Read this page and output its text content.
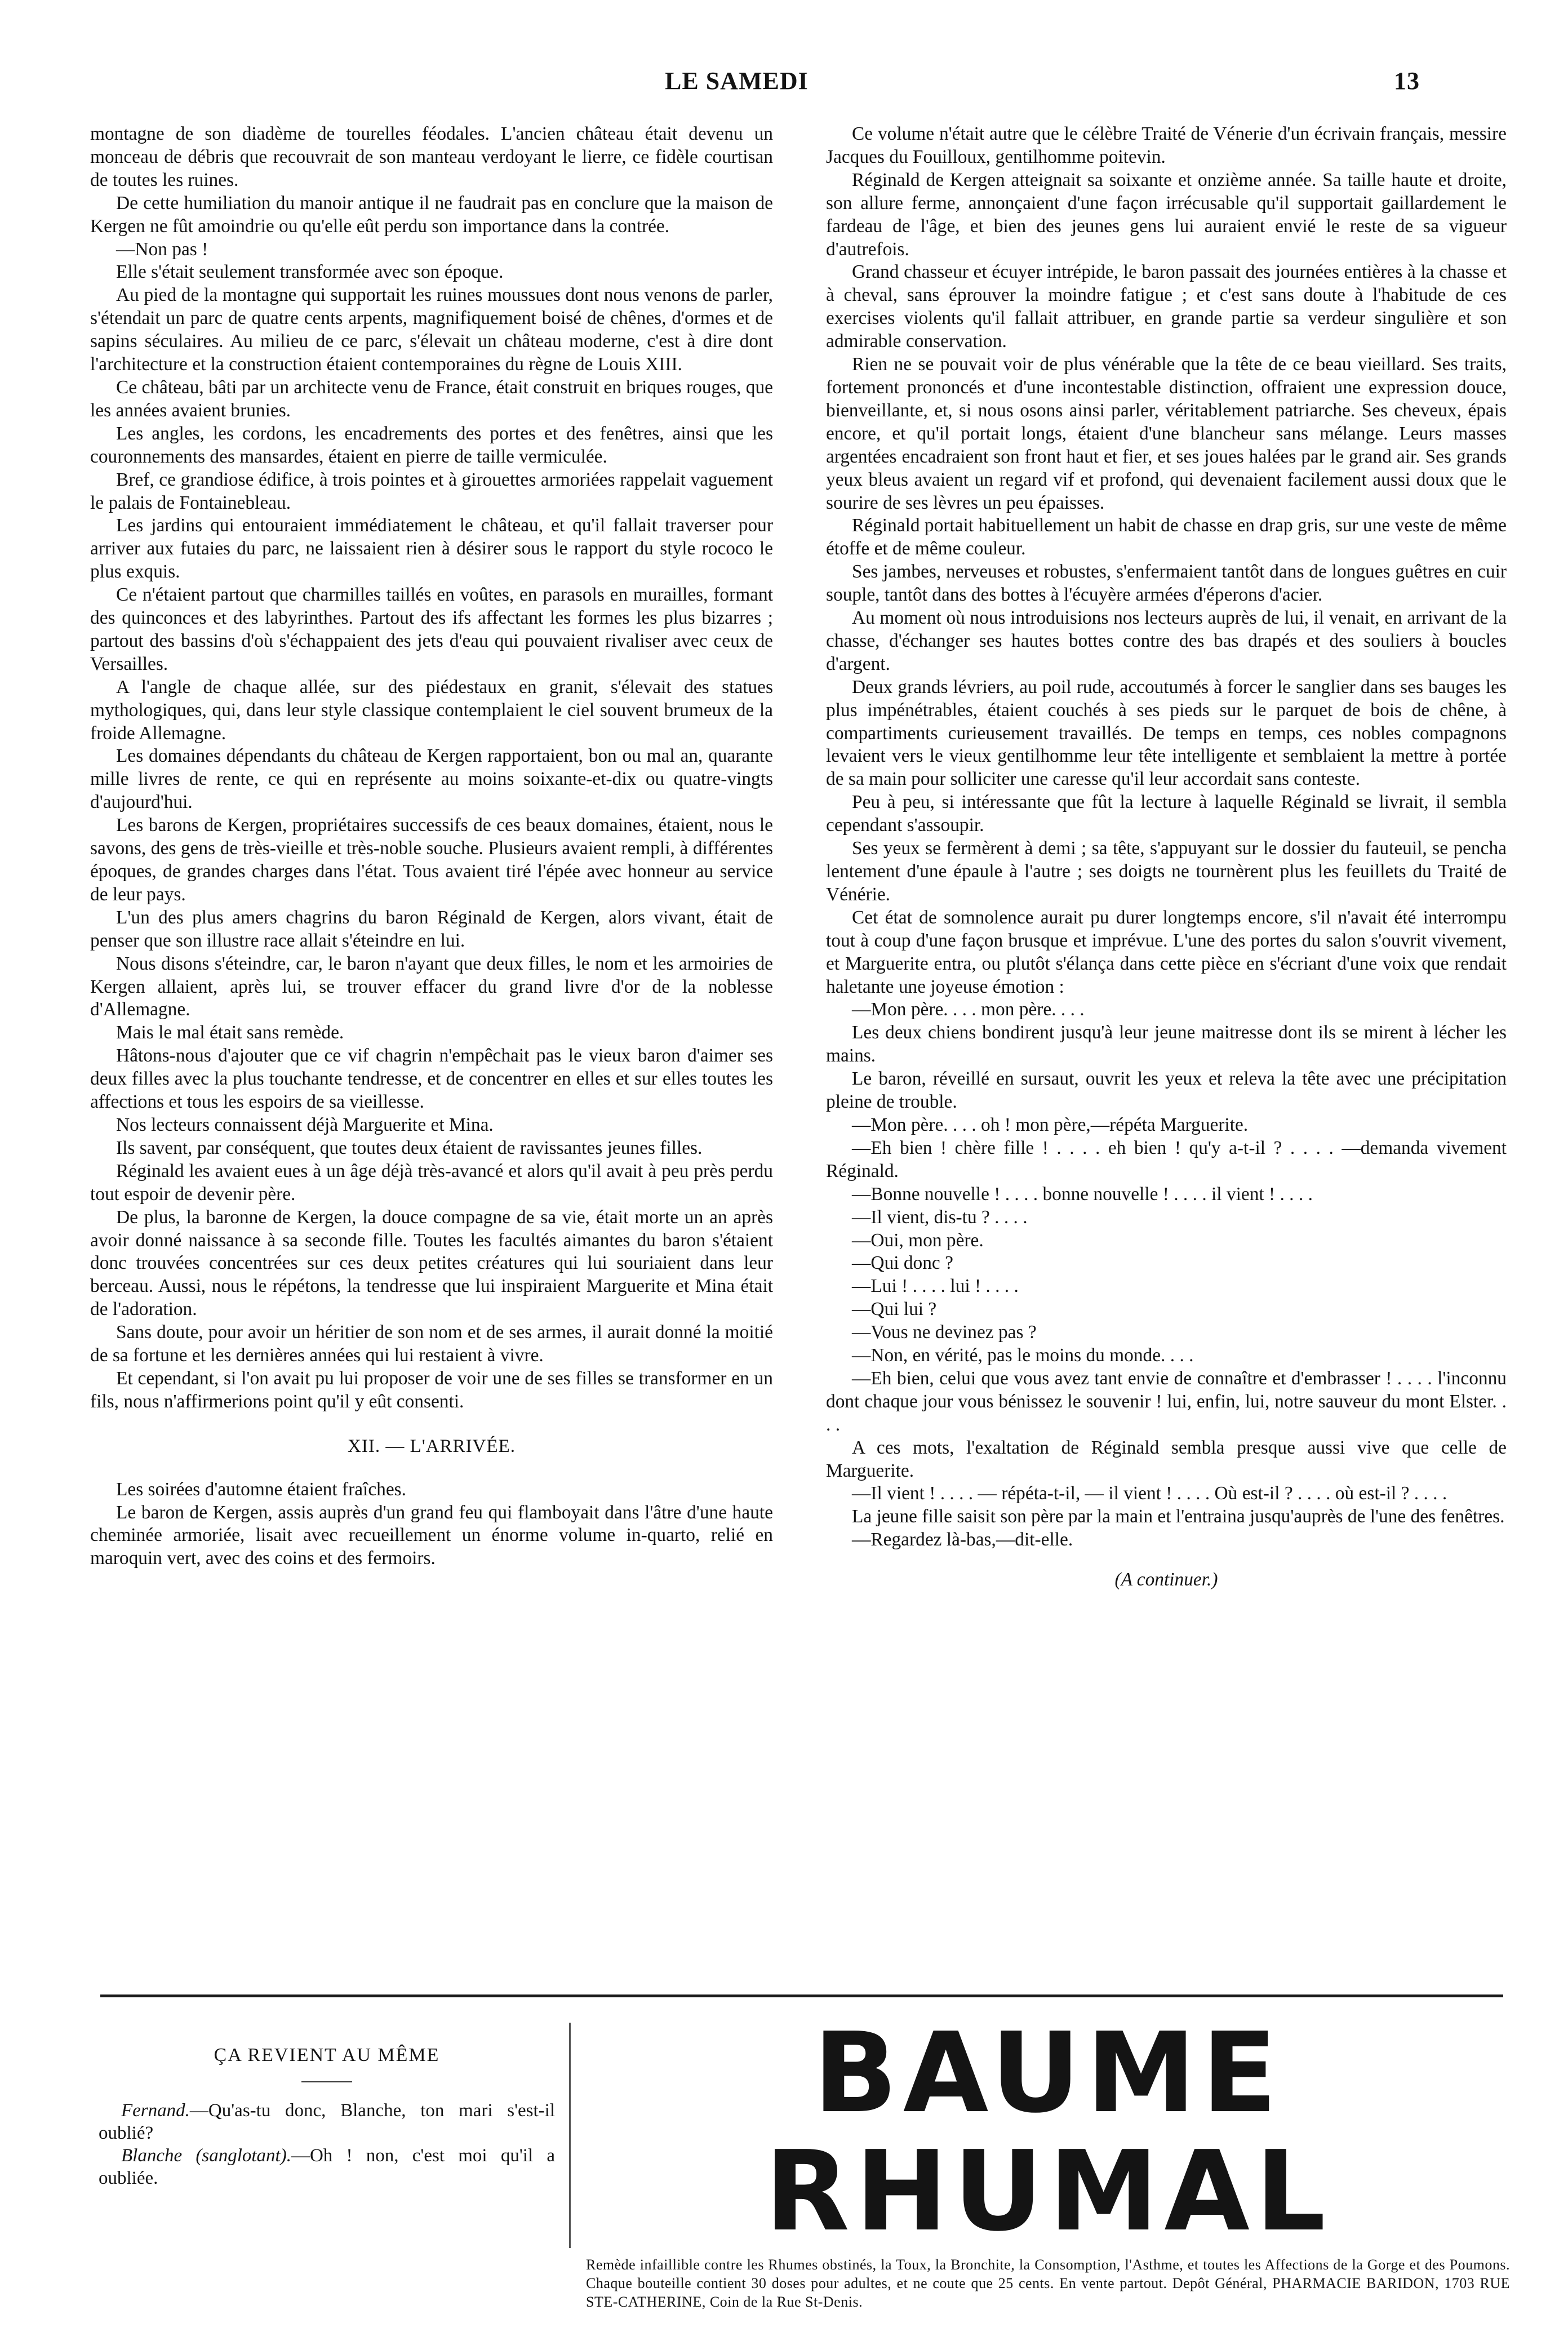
LE SAMEDI	13

montagne de son diadème de tourelles féodales. L'ancien château était devenu un monceau de débris que recouvrait de son manteau verdoyant le lierre, ce fidèle courtisan de toutes les ruines.

De cette humiliation du manoir antique il ne faudrait pas en conclure que la maison de Kergen ne fût amoindrie ou qu'elle eût perdu son importance dans la contrée.

—Non pas !

Elle s'était seulement transformée avec son époque.

Au pied de la montagne qui supportait les ruines moussues dont nous venons de parler, s'étendait un parc de quatre cents arpents, magnifiquement boisé de chênes, d'ormes et de sapins séculaires. Au milieu de ce parc, s'élevait un château moderne, c'est à dire dont l'architecture et la construction étaient contemporaines du règne de Louis XIII.

Ce château, bâti par un architecte venu de France, était construit en briques rouges, que les années avaient brunies.

Les angles, les cordons, les encadrements des portes et des fenêtres, ainsi que les couronnements des mansardes, étaient en pierre de taille vermiculée.

Bref, ce grandiose édifice, à trois pointes et à girouettes armoriées rappelait vaguement le palais de Fontainebleau.

Les jardins qui entouraient immédiatement le château, et qu'il fallait traverser pour arriver aux futaies du parc, ne laissaient rien à désirer sous le rapport du style rococo le plus exquis.

Ce n'étaient partout que charmilles taillés en voûtes, en parasols en murailles, formant des quinconces et des labyrinthes. Partout des ifs affectant les formes les plus bizarres ; partout des bassins d'où s'échappaient des jets d'eau qui pouvaient rivaliser avec ceux de Versailles.

A l'angle de chaque allée, sur des piédestaux en granit, s'élevait des statues mythologiques, qui, dans leur style classique contemplaient le ciel souvent brumeux de la froide Allemagne.

Les domaines dépendants du château de Kergen rapportaient, bon ou mal an, quarante mille livres de rente, ce qui en représente au moins soixante-et-dix ou quatre-vingts d'aujourd'hui.

Les barons de Kergen, propriétaires successifs de ces beaux domaines, étaient, nous le savons, des gens de très-vieille et très-noble souche. Plusieurs avaient rempli, à différentes époques, de grandes charges dans l'état. Tous avaient tiré l'épée avec honneur au service de leur pays.

L'un des plus amers chagrins du baron Réginald de Kergen, alors vivant, était de penser que son illustre race allait s'éteindre en lui.

Nous disons s'éteindre, car, le baron n'ayant que deux filles, le nom et les armoiries de Kergen allaient, après lui, se trouver effacer du grand livre d'or de la noblesse d'Allemagne.

Mais le mal était sans remède.

Hâtons-nous d'ajouter que ce vif chagrin n'empêchait pas le vieux baron d'aimer ses deux filles avec la plus touchante tendresse, et de concentrer en elles et sur elles toutes les affections et tous les espoirs de sa vieillesse.

Nos lecteurs connaissent déjà Marguerite et Mina.

Ils savent, par conséquent, que toutes deux étaient de ravissantes jeunes filles.

Réginald les avaient eues à un âge déjà très-avancé et alors qu'il avait à peu près perdu tout espoir de devenir père.

De plus, la baronne de Kergen, la douce compagne de sa vie, était morte un an après avoir donné naissance à sa seconde fille. Toutes les facultés aimantes du baron s'étaient donc trouvées concentrées sur ces deux petites créatures qui lui souriaient dans leur berceau. Aussi, nous le répétons, la tendresse que lui inspiraient Marguerite et Mina était de l'adoration.

Sans doute, pour avoir un héritier de son nom et de ses armes, il aurait donné la moitié de sa fortune et les dernières années qui lui restaient à vivre.

Et cependant, si l'on avait pu lui proposer de voir une de ses filles se transformer en un fils, nous n'affirmerions point qu'il y eût consenti.

XII. — L'ARRIVÉE.

Les soirées d'automne étaient fraîches.

Le baron de Kergen, assis auprès d'un grand feu qui flamboyait dans l'âtre d'une haute cheminée armoriée, lisait avec recueillement un énorme volume in-quarto, relié en maroquin vert, avec des coins et des fermoirs.

Ce volume n'était autre que le célèbre Traité de Vénerie d'un écrivain français, messire Jacques du Fouilloux, gentilhomme poitevin.

Réginald de Kergen atteignait sa soixante et onzième année. Sa taille haute et droite, son allure ferme, annonçaient d'une façon irrécusable qu'il supportait gaillardement le fardeau de l'âge, et bien des jeunes gens lui auraient envié le reste de sa vigueur d'autrefois.

Grand chasseur et écuyer intrépide, le baron passait des journées entières à la chasse et à cheval, sans éprouver la moindre fatigue ; et c'est sans doute à l'habitude de ces exercises violents qu'il fallait attribuer, en grande partie sa verdeur singulière et son admirable conservation.

Rien ne se pouvait voir de plus vénérable que la tête de ce beau vieillard. Ses traits, fortement prononcés et d'une incontestable distinction, offraient une expression douce, bienveillante, et, si nous osons ainsi parler, véritablement patriarche. Ses cheveux, épais encore, et qu'il portait longs, étaient d'une blancheur sans mélange. Leurs masses argentées encadraient son front haut et fier, et ses joues halées par le grand air. Ses grands yeux bleus avaient un regard vif et profond, qui devenaient facilement aussi doux que le sourire de ses lèvres un peu épaisses.

Réginald portait habituellement un habit de chasse en drap gris, sur une veste de même étoffe et de même couleur.

Ses jambes, nerveuses et robustes, s'enfermaient tantôt dans de longues guêtres en cuir souple, tantôt dans des bottes à l'écuyère armées d'éperons d'acier.

Au moment où nous introduisions nos lecteurs auprès de lui, il venait, en arrivant de la chasse, d'échanger ses hautes bottes contre des bas drapés et des souliers à boucles d'argent.

Deux grands lévriers, au poil rude, accoutumés à forcer le sanglier dans ses bauges les plus impénétrables, étaient couchés à ses pieds sur le parquet de bois de chêne, à compartiments curieusement travaillés. De temps en temps, ces nobles compagnons levaient vers le vieux gentilhomme leur tête intelligente et semblaient la mettre à portée de sa main pour solliciter une caresse qu'il leur accordait sans conteste.

Peu à peu, si intéressante que fût la lecture à laquelle Réginald se livrait, il sembla cependant s'assoupir.

Ses yeux se fermèrent à demi ; sa tête, s'appuyant sur le dossier du fauteuil, se pencha lentement d'une épaule à l'autre ; ses doigts ne tournèrent plus les feuillets du Traité de Vénérie.

Cet état de somnolence aurait pu durer longtemps encore, s'il n'avait été interrompu tout à coup d'une façon brusque et imprévue. L'une des portes du salon s'ouvrit vivement, et Marguerite entra, ou plutôt s'élança dans cette pièce en s'écriant d'une voix que rendait haletante une joyeuse émotion :

—Mon père. . . . mon père. . . .

Les deux chiens bondirent jusqu'à leur jeune maitresse dont ils se mirent à lécher les mains.

Le baron, réveillé en sursaut, ouvrit les yeux et releva la tête avec une précipitation pleine de trouble.

—Mon père. . . . oh ! mon père,—répéta Marguerite.

—Eh bien ! chère fille ! . . . . eh bien ! qu'y a-t-il ? . . . . —demanda vivement Réginald.

—Bonne nouvelle ! . . . . bonne nouvelle ! . . . . il vient ! . . . .

—Il vient, dis-tu ? . . . .

—Oui, mon père.

—Qui donc ?

—Lui ! . . . . lui ! . . . .

—Qui lui ?

—Vous ne devinez pas ?

—Non, en vérité, pas le moins du monde. . . .

—Eh bien, celui que vous avez tant envie de connaître et d'embrasser ! . . . . l'inconnu dont chaque jour vous bénissez le souvenir ! lui, enfin, lui, notre sauveur du mont Elster. . . .

A ces mots, l'exaltation de Réginald sembla presque aussi vive que celle de Marguerite.

—Il vient ! . . . . — répéta-t-il, — il vient ! . . . . Où est-il ? . . . . où est-il ? . . . .

La jeune fille saisit son père par la main et l'entraina jusqu'auprès de l'une des fenêtres.

—Regardez là-bas,—dit-elle.

(A continuer.)

ÇA REVIENT AU MÊME

Fernand.—Qu'as-tu donc, Blanche, ton mari s'est-il oublié?

Blanche (sanglotant).—Oh ! non, c'est moi qu'il a oubliée.

BAUME RHUMAL

Remède infaillible contre les Rhumes obstinés, la Toux, la Bronchite, la Consomption, l'Asthme, et toutes les Affections de la Gorge et des Poumons. Chaque bouteille contient 30 doses pour adultes, et ne coute que 25 cents. En vente partout. Depôt Général, PHARMACIE BARIDON, 1703 RUE STE-CATHERINE, Coin de la Rue St-Denis.
